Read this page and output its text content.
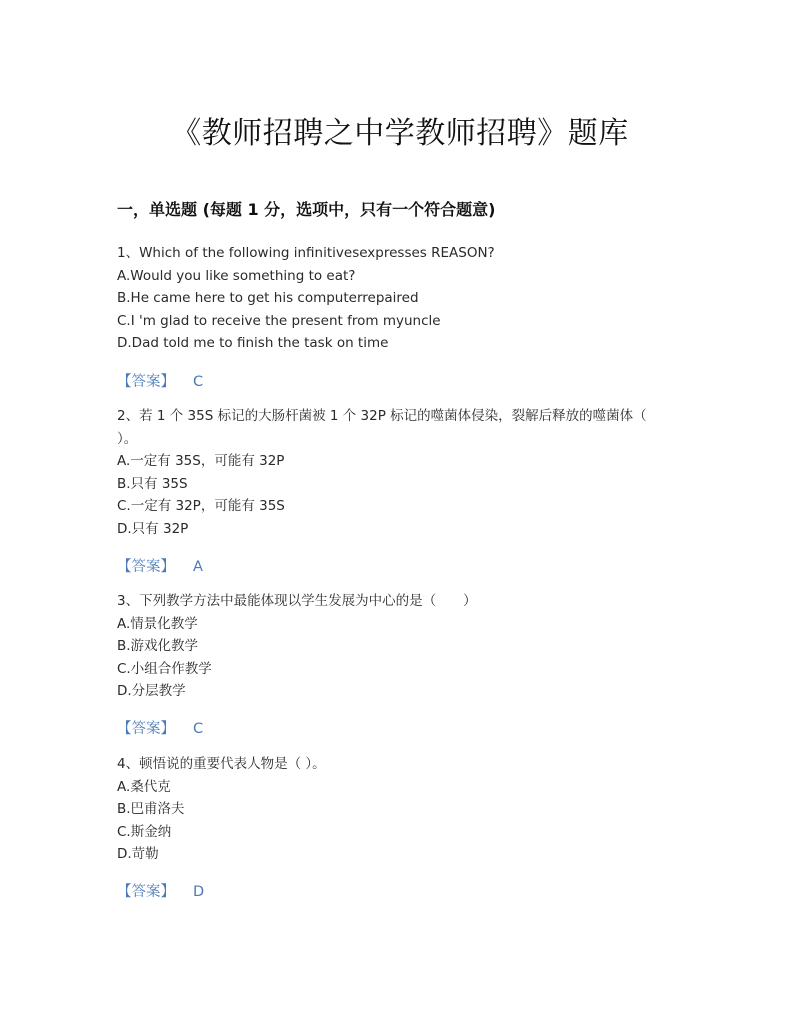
《教师招聘之中学教师招聘》题库
一，单选题 (每题 1 分，选项中，只有一个符合题意)
1、Which of the following infinitivesexpresses REASON?
A.Would you like something to eat?
B.He came here to get his computerrepaired
C.I 'm glad to receive the present from myuncle
D.Dad told me to finish the task on time
【答案】 C
2、若 1 个 35S 标记的大肠杆菌被 1 个 32P 标记的噬菌体侵染，裂解后释放的噬菌体（ ）。
A.一定有 35S，可能有 32P
B.只有 35S
C.一定有 32P，可能有 35S
D.只有 32P
【答案】 A
3、下列教学方法中最能体现以学生发展为中心的是（　　）
A.情景化教学
B.游戏化教学
C.小组合作教学
D.分层教学
【答案】 C
4、顿悟说的重要代表人物是（ ）。
A.桑代克
B.巴甫洛夫
C.斯金纳
D.苛勒
【答案】 D
